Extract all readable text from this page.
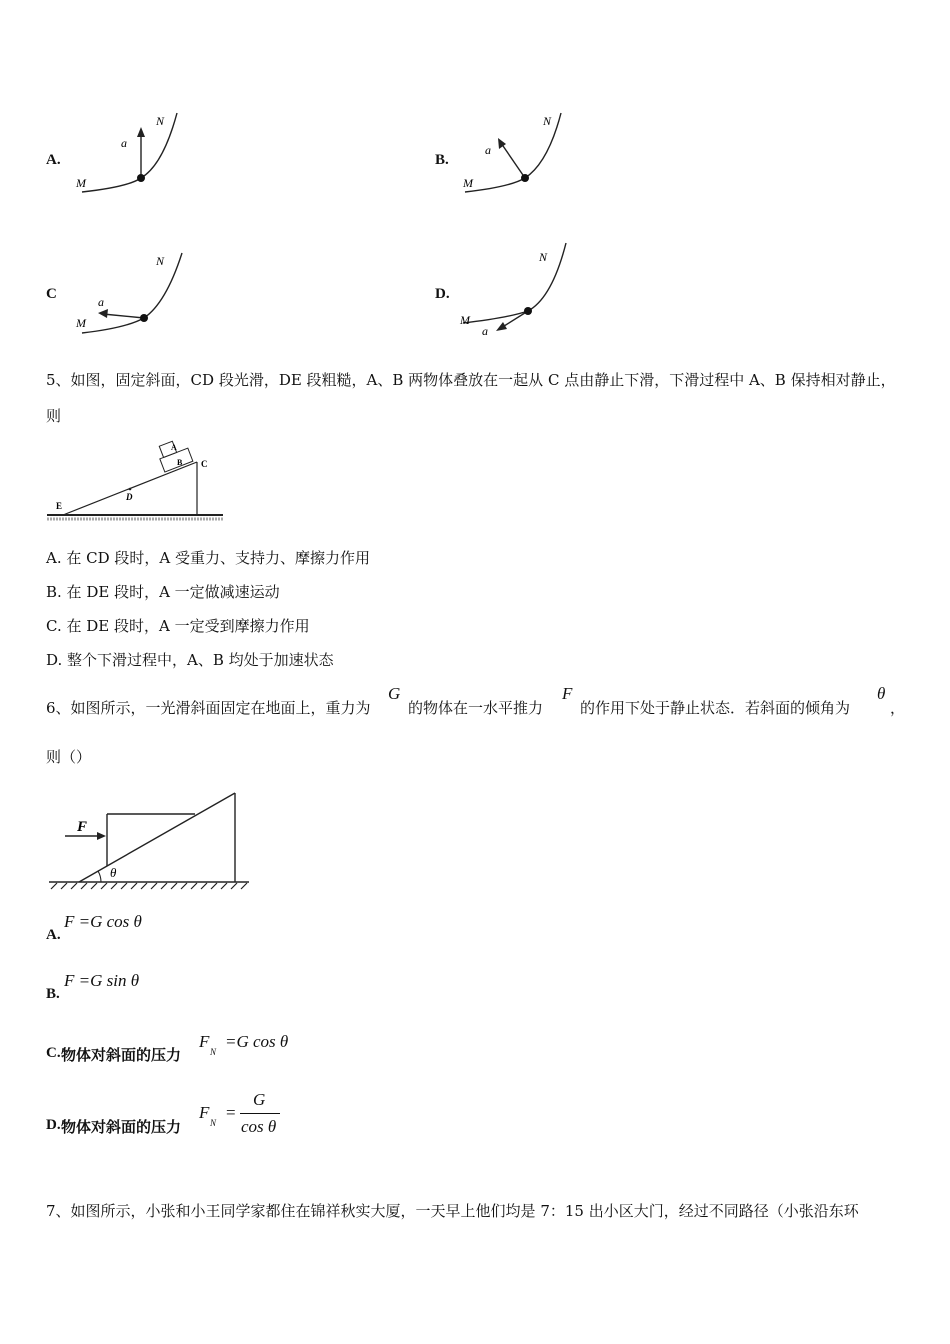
A.
M
N
a
B.
M
N
a
C
M
N
a	D.
M
N
a
5、如图，固定斜面，CD 段光滑，DE 段粗糙，A、B 两物体叠放在一起从 C 点由静止下滑，下滑过程中 A、B 保持相对静止，
则
A
B C
D
E
A. 在 CD 段时，A 受重力、支持力、摩擦力作用
B. 在 DE 段时，A 一定做减速运动
C. 在 DE 段时，A 一定受到摩擦力作用
D. 整个下滑过程中，A、B 均处于加速状态
6、如图所示，一光滑斜面固定在地面上，重力为
G
的物体在一水平推力
F
的作用下处于静止状态．若斜面的倾角为
θ
，
则（）
F
θ
A.
F =G cos θ
B.
F =G sin θ
C. 物体对斜面的压力
F
N
=G cos θ
D. 物体对斜面的压力
F
N
=
G
cos θ
7、如图所示，小张和小王同学家都住在锦祥秋实大厦，一天早上他们均是 7：15 出小区大门，经过不同路径（小张沿东环
